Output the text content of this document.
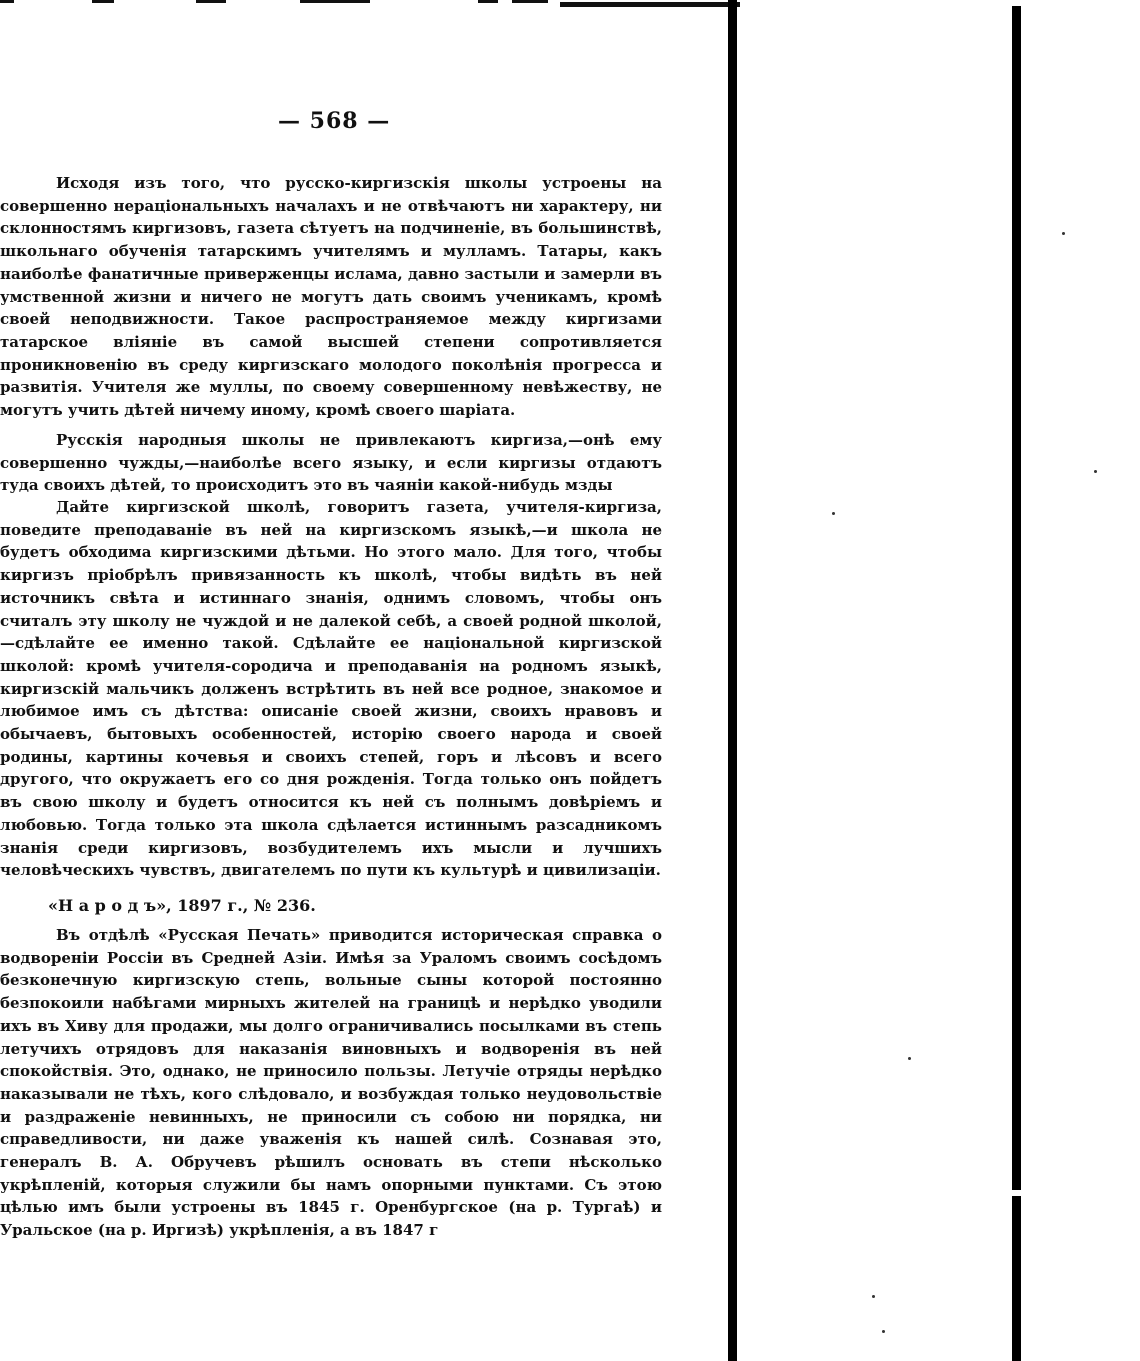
— 568 —

Исходя изъ того, что русско-киргизскія школы устроены на совершенно нераціональныхъ началахъ и не отвѣчаютъ ни характеру, ни склонностямъ киргизовъ, газета сѣтуетъ на подчиненіе, въ большинствѣ, школьнаго обученія татарскимъ учителямъ и мулламъ. Татары, какъ наиболѣе фанатичные приверженцы ислама, давно застыли и замерли въ умственной жизни и ничего не могутъ дать своимъ ученикамъ, кромѣ своей неподвижности. Такое распространяемое между киргизами татарское вліяніе въ самой высшей степени сопротивляется проникновенію въ среду киргизскаго молодого поколѣнія прогресса и развитія. Учителя же муллы, по своему совершенному невѣжеству, не могутъ учить дѣтей ничему иному, кромѣ своего шаріата.

Русскія народныя школы не привлекаютъ киргиза,—онѣ ему совершенно чужды,—наиболѣе всего языку, и если киргизы отдаютъ туда своихъ дѣтей, то происходитъ это въ чаяніи какой-нибудь мзды

Дайте киргизской школѣ, говоритъ газета, учителя-киргиза, поведите преподаваніе въ ней на киргизскомъ языкѣ,—и школа не будетъ обходима киргизскими дѣтьми. Но этого мало. Для того, чтобы киргизъ пріобрѣлъ привязанность къ школѣ, чтобы видѣть въ ней источникъ свѣта и истиннаго знанія, однимъ словомъ, чтобы онъ считалъ эту школу не чуждой и не далекой себѣ, а своей родной школой,—сдѣлайте ее именно такой. Сдѣлайте ее національной киргизской школой: кромѣ учителя-сородича и преподаванія на родномъ языкѣ, киргизскій мальчикъ долженъ встрѣтить въ ней все родное, знакомое и любимое имъ съ дѣтства: описаніе своей жизни, своихъ нравовъ и обычаевъ, бытовыхъ особенностей, исторію своего народа и своей родины, картины кочевья и своихъ степей, горъ и лѣсовъ и всего другого, что окружаетъ его со дня рожденія. Тогда только онъ пойдетъ въ свою школу и будетъ относится къ ней съ полнымъ довѣріемъ и любовью. Тогда только эта школа сдѣлается истиннымъ разсадникомъ знанія среди киргизовъ, возбудителемъ ихъ мысли и лучшихъ человѣческихъ чувствъ, двигателемъ по пути къ культурѣ и цивилизаціи.

«Н а р о д ъ», 1897 г., № 236.

Въ отдѣлѣ «Русская Печать» приводится историческая справка о водвореніи Россіи въ Средней Азіи. Имѣя за Ураломъ своимъ сосѣдомъ безконечную киргизскую степь, вольные сыны которой постоянно безпокоили набѣгами мирныхъ жителей на границѣ и нерѣдко уводили ихъ въ Хиву для продажи, мы долго ограничивались посылками въ степь летучихъ отрядовъ для наказанія виновныхъ и водворенія въ ней спокойствія. Это, однако, не приносило пользы. Летучіе отряды нерѣдко наказывали не тѣхъ, кого слѣдовало, и возбуждая только неудовольствіе и раздраженіе невинныхъ, не приносили съ собою ни порядка, ни справедливости, ни даже уваженія къ нашей силѣ. Сознавая это, генералъ В. А. Обручевъ рѣшилъ основать въ степи нѣсколько укрѣпленій, которыя служили бы намъ опорными пунктами. Съ этою цѣлью имъ были устроены въ 1845 г. Оренбургское (на р. Тургаѣ) и Уральское (на р. Иргизѣ) укрѣпленія, а въ 1847 г
